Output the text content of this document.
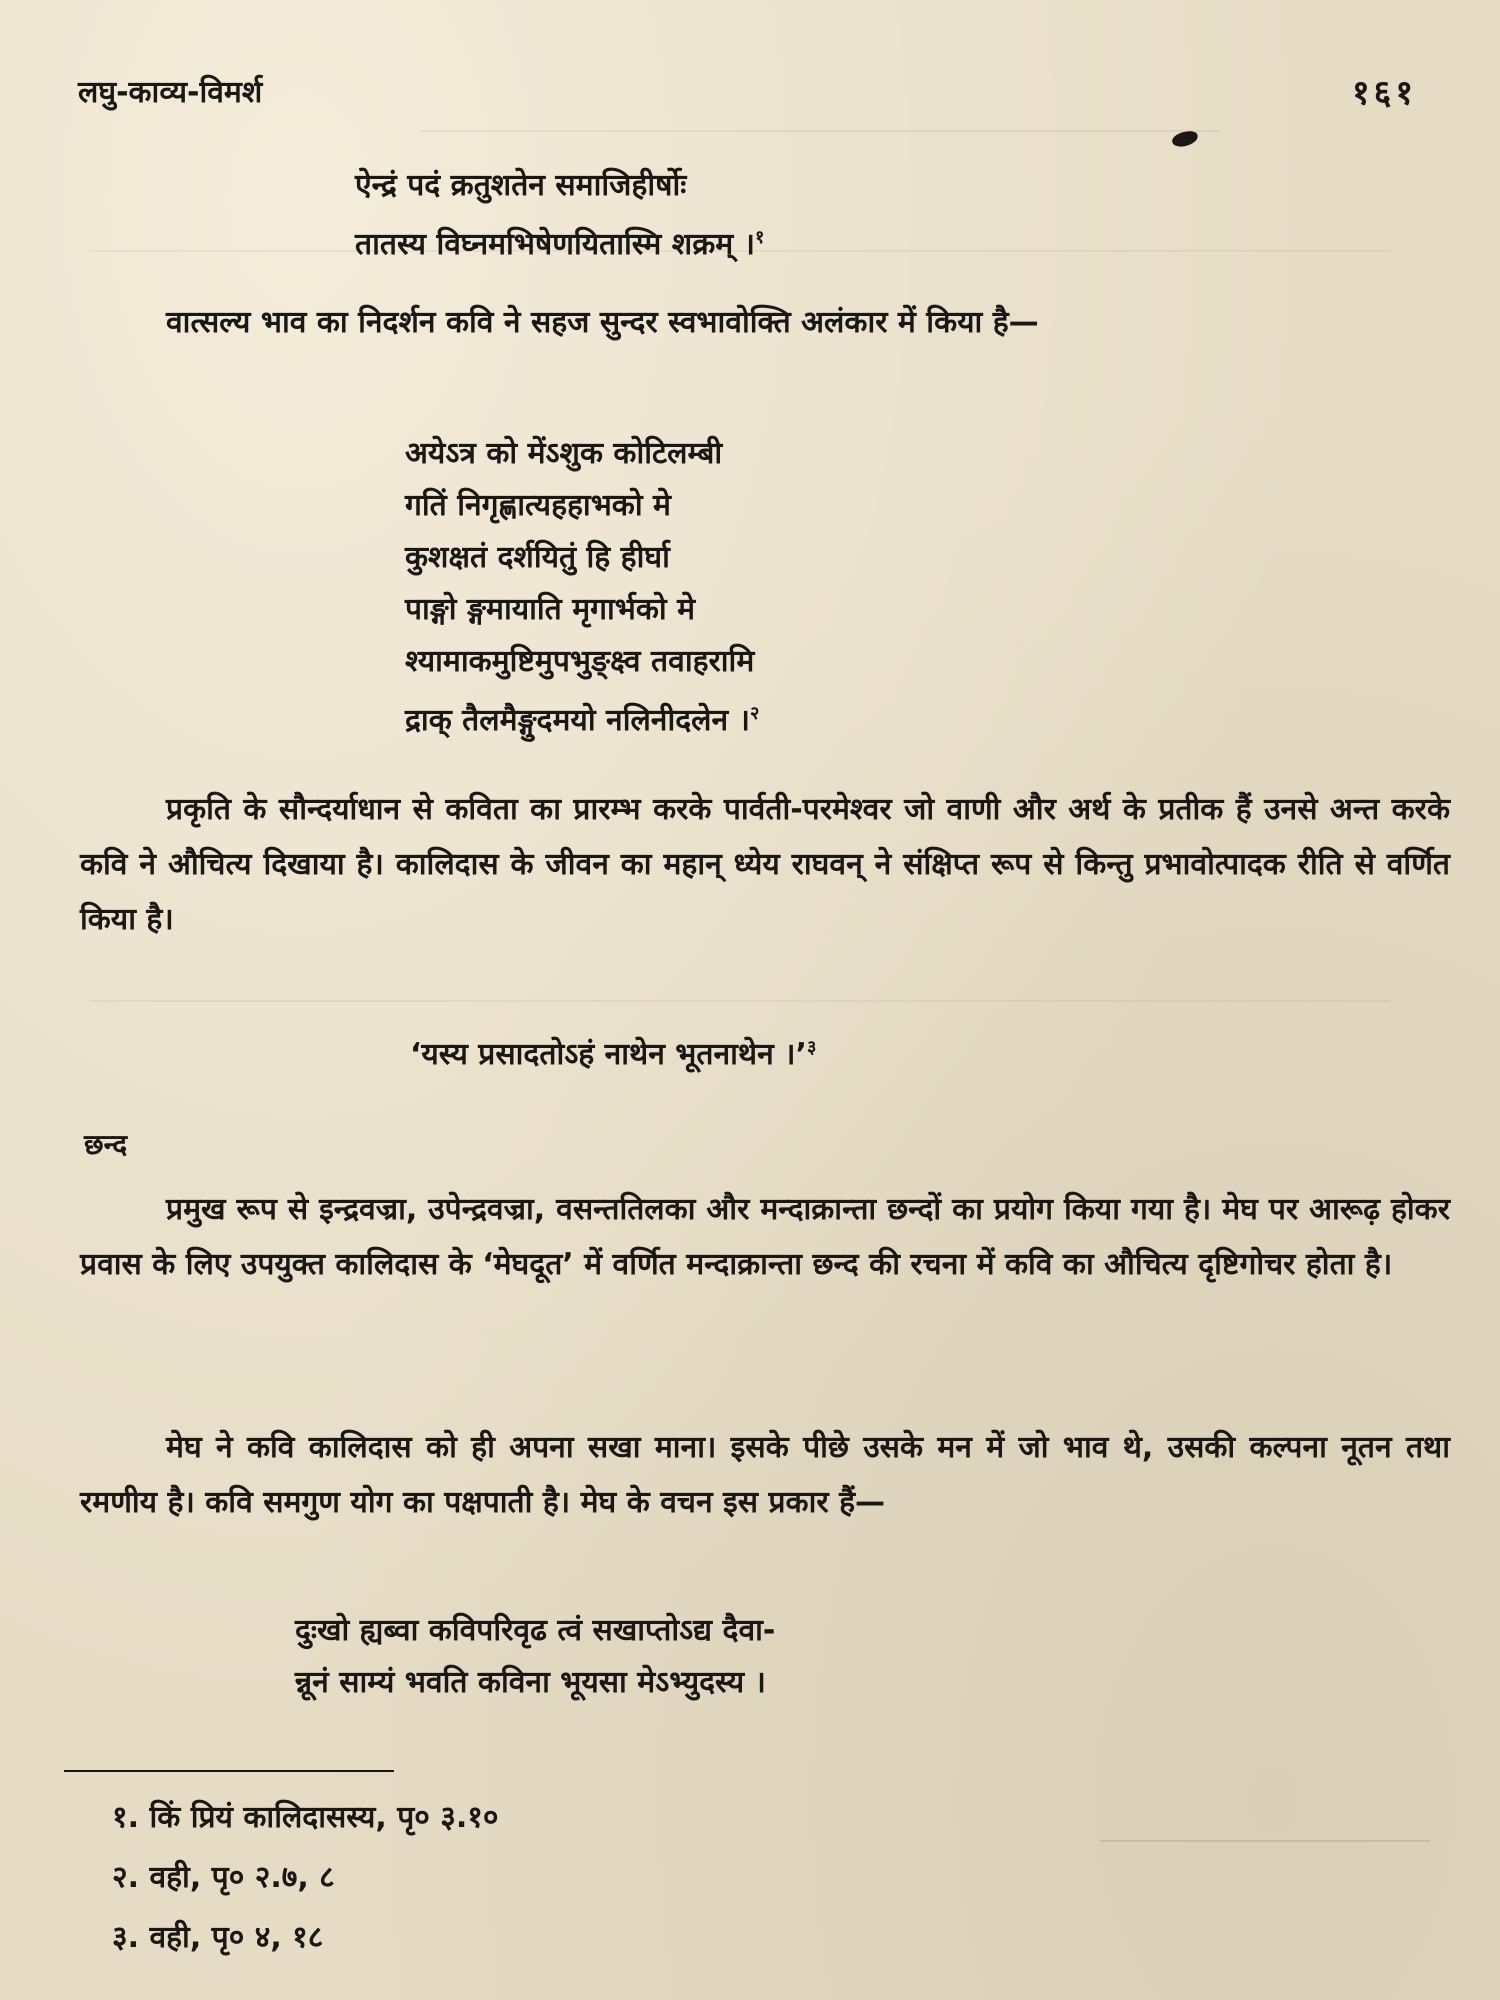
लघु-काव्य-विमर्श	१६१
ऐन्द्रं पदं क्रतुशतेन समाजिहीर्षोः
तातस्य विघ्नमभिषेणयितास्मि शक्रम् ।$^१$
वात्सल्य भाव का निदर्शन कवि ने सहज सुन्दर स्वभावोक्ति अलंकार में किया है—
अयेऽत्र को मेंऽशुक कोटिलम्बी
गतिं निगृह्णात्यहहाभको मे
कुशक्षतं दर्शयितुं हि हीर्घा
पाङ्गो ङ्गमायाति मृगार्भको मे
श्यामाकमुष्टिमुपभुङ्क्ष्व तवाहरामि
द्राक् तैलमैङ्गुदमयो नलिनीदलेन ।$^२$
प्रकृति के सौन्दर्याधान से कविता का प्रारम्भ करके पार्वती-परमेश्वर जो वाणी और अर्थ के प्रतीक हैं उनसे अन्त करके कवि ने औचित्य दिखाया है। कालिदास के जीवन का महान् ध्येय राघवन् ने संक्षिप्त रूप से किन्तु प्रभावोत्पादक रीति से वर्णित किया है।
‘यस्य प्रसादतोऽहं नाथेन भूतनाथेन ।’$^३$
छन्द
प्रमुख रूप से इन्द्रवज्रा, उपेन्द्रवज्रा, वसन्ततिलका और मन्दाक्रान्ता छन्दों का प्रयोग किया गया है। मेघ पर आरूढ़ होकर प्रवास के लिए उपयुक्त कालिदास के ‘मेघदूत’ में वर्णित मन्दाक्रान्ता छन्द की रचना में कवि का औचित्य दृष्टिगोचर होता है।
मेघ ने कवि कालिदास को ही अपना सखा माना। इसके पीछे उसके मन में जो भाव थे, उसकी कल्पना नूतन तथा रमणीय है। कवि समगुण योग का पक्षपाती है। मेघ के वचन इस प्रकार हैं—
दुःखो ह्यब्वा कविपरिवृढ त्वं सखाप्तोऽद्य दैवा-
न्नूनं साम्यं भवति कविना भूयसा मेऽभ्युदस्य ।
१. किं प्रियं कालिदासस्य, पृ० ३.१०
२. वही, पृ० २.७, ८
३. वही, पृ० ४, १८
